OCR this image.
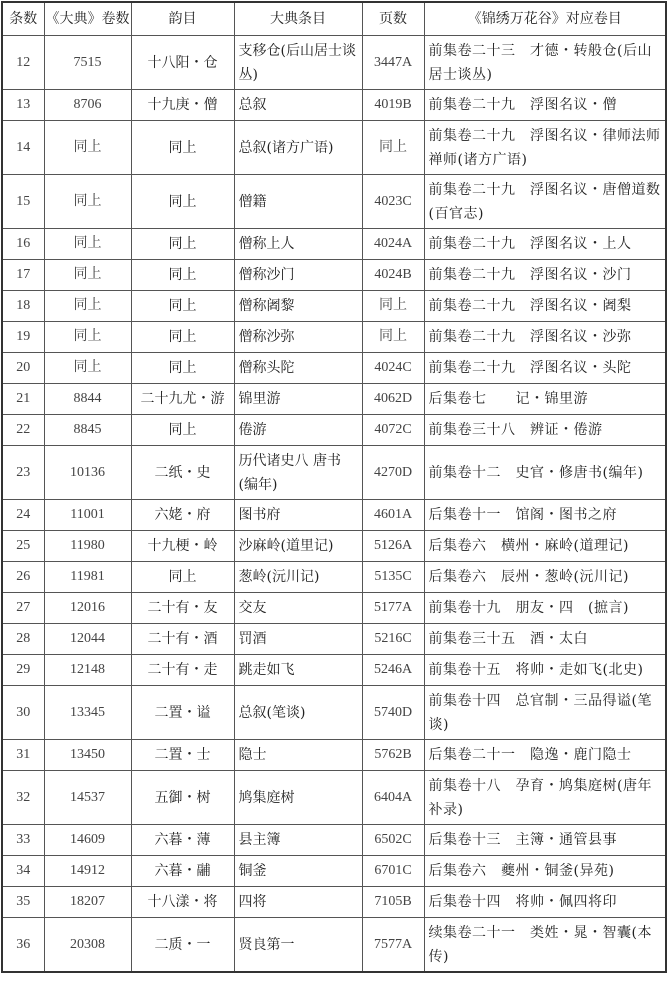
条数	《大典》卷数	韵目	大典条目	页数	《锦绣万花谷》对应卷目
12	7515	十八阳・仓	支移仓(后山居士谈丛)	3447A	前集卷二十三　才德・转般仓(后山居士谈丛)
13	8706	十九庚・僧	总叙	4019B	前集卷二十九　浮图名议・僧
14	同上	同上	总叙(诸方广语)	同上	前集卷二十九　浮图名议・律师法师禅师(诸方广语)
15	同上	同上	僧籍	4023C	前集卷二十九　浮图名议・唐僧道数(百官志)
16	同上	同上	僧称上人	4024A	前集卷二十九　浮图名议・上人
17	同上	同上	僧称沙门	4024B	前集卷二十九　浮图名议・沙门
18	同上	同上	僧称阇黎	同上	前集卷二十九　浮图名议・阇梨
19	同上	同上	僧称沙弥	同上	前集卷二十九　浮图名议・沙弥
20	同上	同上	僧称头陀	4024C	前集卷二十九　浮图名议・头陀
21	8844	二十九尤・游	锦里游	4062D	后集卷七　　记・锦里游
22	8845	同上	倦游	4072C	前集卷三十八　辨证・倦游
23	10136	二纸・史	历代诸史八 唐书(编年)	4270D	前集卷十二　史官・修唐书(编年)
24	11001	六姥・府	图书府	4601A	后集卷十一　馆阁・图书之府
25	11980	十九梗・岭	沙麻岭(道里记)	5126A	后集卷六　横州・麻岭(道理记)
26	11981	同上	葱岭(沅川记)	5135C	后集卷六　辰州・葱岭(沅川记)
27	12016	二十有・友	交友	5177A	前集卷十九　朋友・四　(摭言)
28	12044	二十有・酒	罚酒	5216C	前集卷三十五　酒・太白
29	12148	二十有・走	跳走如飞	5246A	前集卷十五　将帅・走如飞(北史)
30	13345	二置・谥	总叙(笔谈)	5740D	前集卷十四　总官制・三品得谥(笔谈)
31	13450	二置・士	隐士	5762B	后集卷二十一　隐逸・鹿门隐士
32	14537	五御・树	鸠集庭树	6404A	前集卷十八　孕育・鸠集庭树(唐年补录)
33	14609	六暮・薄	县主簿	6502C	后集卷十三　主簿・通管县事
34	14912	六暮・鬴	铜釜	6701C	后集卷六　夔州・铜釜(异苑)
35	18207	十八漾・将	四将	7105B	后集卷十四　将帅・佩四将印
36	20308	二质・一	贤良第一	7577A	续集卷二十一　类姓・晁・智囊(本传)
